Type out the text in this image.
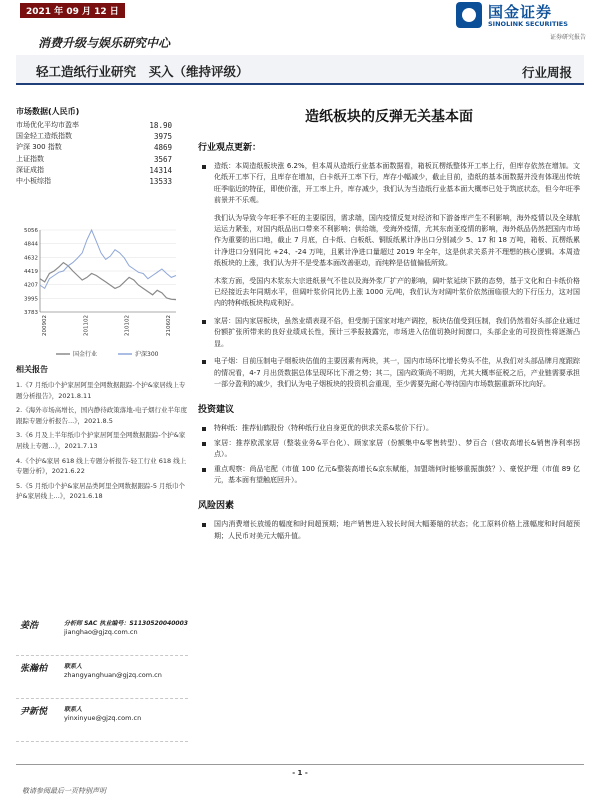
2021 年 09 月 12 日	国金证券
SINOLINK SECURITIES
证券研究报告
消费升级与娱乐研究中心
轻工造纸行业研究　买入（维持评级）	行业周报
市场数据(人民币)
市场优化平均市盈率	18.90
国金轻工造纸指数	3975
沪深 300 指数	4869
上证指数	3567
深证成指	14314
中小板综指	13533
5056
4844
4632
4419
4207
3995
3783
200902	201102	210102	210602
国金行业	沪深300
相关报告
1.《7 月纸巾个护家居阿里全网数据跟踪-个护&家居线上专题分析报告》，2021.8.11
2.《海外市场高增长，国内静待政策落地-电子烟行业半年度跟踪专题分析报告...》，2021.8.5
3.《6 月及上半年纸巾个护家居阿里全网数据跟踪-个护&家居线上专题...》，2021.7.13
4.《个护&家居 618 线上专题分析报告-轻工行业 618 线上专题分析》，2021.6.22
5.《5 月纸巾个护&家居品类阿里全网数据跟踪-5 月纸巾个护&家居线上...》，2021.6.18
姜浩	分析师 SAC 执业编号：S1130520040003
jianghao@gjzq.com.cn
张瀚柏	联系人
zhangyanghuan@gjzq.com.cn
尹新悦	联系人
yinxinyue@gjzq.com.cn
造纸板块的反弹无关基本面
行业观点更新：
造纸：本周造纸板块涨 6.2%，但本周从造纸行业基本面数据看，箱板瓦楞纸整体开工率上行，但库存依然在增加。文化纸开工率下行，且库存在增加，白卡纸开工率下行，库存小幅减少，截止目前，造纸的基本面数据并没有体现出传统旺季临近的特征，即使价涨，开工率上升，库存减少，我们认为当造纸行业基本面大概率已处于筑底状态，但今年旺季前景并不乐观。
我们认为导致今年旺季不旺的主要原因，需求端，国内疫情反复对经济和下游备库产生不利影响，海外疫情以及全球航运运力紧张，对国内纸品出口带来不利影响；供给端，受海外疫情，尤其东南亚疫情的影响，海外纸品仍然把国内市场作为重要的出口地，截止 7 月底，白卡纸、白板纸、铜版纸累计净出口分别减少 5、17 和 18 万吨，箱板、瓦楞纸累计净进口分别同比 +24、-24 万吨，且累计净进口量超过 2019 年全年，这是供求关系并不理想的核心逻辑。本周造纸板块的上涨，我们认为并不是受基本面改善驱动，而纯粹是估值偏低所致。
木浆方面，受国内木浆东大宗进纸景气不佳以及海外浆厂扩产的影响，阔叶浆延续下跌的态势，基于文化和白卡纸价格已经接近去年同期水平，但阔叶浆价同比仍上涨 1000 元/吨，我们认为对阔叶浆价依然面临很大的下行压力，这对国内的特种纸板块构成利好。
家居：国内家居板块，虽然业绩表现不俗，但受制于国家对地产调控，板块估值受到压制，我们仍然看好头部企业通过份额扩张所带来的良好业绩成长性，预计三季报披露完，市场进入估值切换时间窗口，头部企业的可投资性将逐渐凸显。
电子烟：目前压制电子烟板块估值的主要因素有两块，其一，国内市场环比增长势头不佳，从我们对头部品牌月度跟踪的情况看，4-7 月出货数据总体呈现环比下滑之势；其二，国内政策尚不明朗，尤其大概率征税之后，产业链需要承担一部分盈利的减少，我们认为电子烟板块的投资机会重现，至少需要先耐心等待国内市场数据重新环比向好。
投资建议
特种纸：推荐仙鹤股份（特种纸行业自身更优的供求关系&浆价下行）。
家居：推荐欧派家居（整装业务&平台化）、顾家家居（份额集中&零售转型）、梦百合（营收高增长&销售净利率拐点）。
重点观察：尚品宅配（市值 100 亿元&整装高增长&京东赋能，加盟端何时能够重振旗鼓？）、豪悦护理（市值 89 亿元，基本面有望触底回升）。
风险因素
国内消费增长放缓的幅度和时间超预期；地产销售进入较长时间大幅萎缩的状态；化工原料价格上涨幅度和时间超预期；人民币对美元大幅升值。
- 1 -
敬请参阅最后一页特别声明
